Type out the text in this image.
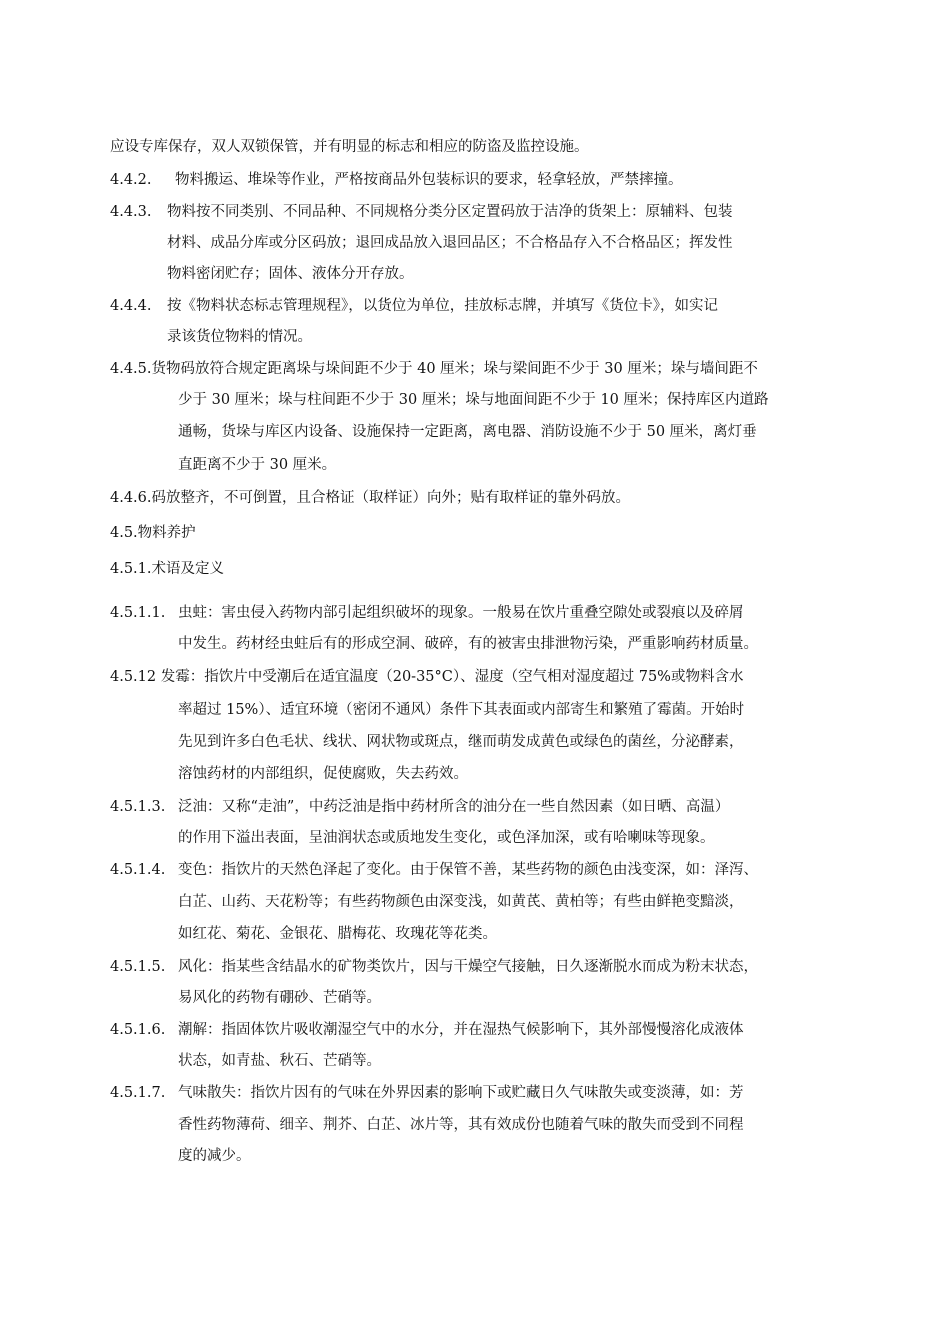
应设专库保存，双人双锁保管，并有明显的标志和相应的防盗及监控设施。
4.4.2. 物料搬运、堆垛等作业，严格按商品外包装标识的要求，轻拿轻放，严禁摔撞。
4.4.3. 物料按不同类别、不同品种、不同规格分类分区定置码放于洁净的货架上：原辅料、包装
材料、成品分库或分区码放；退回成品放入退回品区；不合格品存入不合格品区；挥发性
物料密闭贮存；固体、液体分开存放。
4.4.4. 按《物料状态标志管理规程》，以货位为单位，挂放标志牌，并填写《货位卡》，如实记
录该货位物料的情况。
4.4.5.货物码放符合规定距离垛与垛间距不少于 40 厘米；垛与梁间距不少于 30 厘米；垛与墙间距不
少于 30 厘米；垛与柱间距不少于 30 厘米；垛与地面间距不少于 10 厘米；保持库区内道路
通畅，货垛与库区内设备、设施保持一定距离，离电器、消防设施不少于 50 厘米，离灯垂
直距离不少于 30 厘米。
4.4.6.码放整齐，不可倒置，且合格证（取样证）向外；贴有取样证的靠外码放。
4.5.物料养护
4.5.1.术语及定义
4.5.1.1. 虫蛀：害虫侵入药物内部引起组织破坏的现象。一般易在饮片重叠空隙处或裂痕以及碎屑
中发生。药材经虫蛀后有的形成空洞、破碎，有的被害虫排泄物污染，严重影响药材质量。
4.5.12 发霉：指饮片中受潮后在适宜温度（20-35°C）、湿度（空气相对湿度超过 75%或物料含水
率超过 15%）、适宜环境（密闭不通风）条件下其表面或内部寄生和繁殖了霉菌。开始时
先见到许多白色毛状、线状、网状物或斑点，继而萌发成黄色或绿色的菌丝，分泌酵素，
溶蚀药材的内部组织，促使腐败，失去药效。
4.5.1.3. 泛油：又称“走油”，中药泛油是指中药材所含的油分在一些自然因素（如日晒、高温）
的作用下溢出表面，呈油润状态或质地发生变化，或色泽加深，或有哈喇味等现象。
4.5.1.4. 变色：指饮片的天然色泽起了变化。由于保管不善，某些药物的颜色由浅变深，如：泽泻、
白芷、山药、天花粉等；有些药物颜色由深变浅，如黄芪、黄柏等；有些由鲜艳变黯淡，
如红花、菊花、金银花、腊梅花、玫瑰花等花类。
4.5.1.5. 风化：指某些含结晶水的矿物类饮片，因与干燥空气接触，日久逐渐脱水而成为粉末状态，
易风化的药物有硼砂、芒硝等。
4.5.1.6. 潮解：指固体饮片吸收潮湿空气中的水分，并在湿热气候影响下，其外部慢慢溶化成液体
状态，如青盐、秋石、芒硝等。
4.5.1.7. 气味散失：指饮片因有的气味在外界因素的影响下或贮藏日久气味散失或变淡薄，如：芳
香性药物薄荷、细辛、荆芥、白芷、冰片等，其有效成份也随着气味的散失而受到不同程
度的减少。
